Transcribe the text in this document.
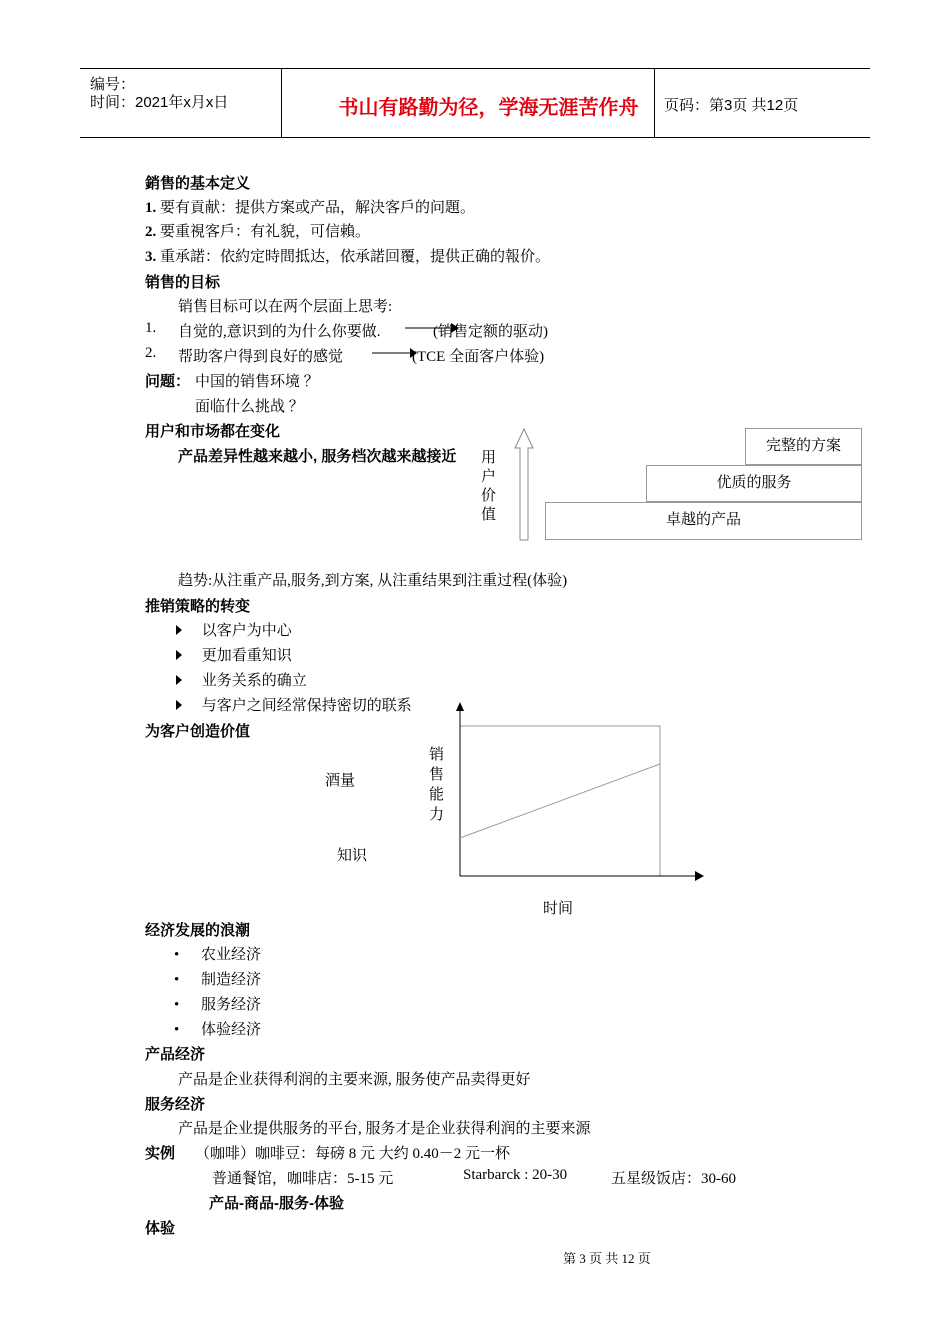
编号：
时间：2021年x月x日	书山有路勤为径，学海无涯苦作舟	页码：第3页 共12页
銷售的基本定义
1. 要有貢献：提供方案或产品，解決客戶的问題。
2. 要重視客戶：有礼貌，可信賴。
3. 重承諾：依約定時間抵达，依承諾回覆，提供正确的報价。
销售的目标
销售目标可以在两个层面上思考:
1. 自觉的,意识到的为什么你要做.	(销售定额的驱动)
2. 帮助客户得到良好的感觉	(TCE 全面客户体验)
问题： 中国的销售环境 ？
面临什么挑战 ？
用户和市场都在变化
产品差异性越来越小, 服务档次越来越接近	用
户
价
值
完整的方案
优质的服务
卓越的产品
趋势:从注重产品,服务,到方案, 从注重结果到注重过程(体验)
推销策略的转变
以客户为中心
更加看重知识
业务关系的确立
与客户之间经常保持密切的联系
为客户创造价值
酒量
知识
销
售
能
力
时间
经济发展的浪潮
• 农业经济
• 制造经济
• 服务经济
• 体验经济
产品经济
产品是企业获得利润的主要来源, 服务使产品卖得更好
服务经济
产品是企业提供服务的平台, 服务才是企业获得利润的主要来源
实例 （咖啡）咖啡豆：每磅 8 元 大约 0.40－2 元一杯
普通餐馆，咖啡店：5-15 元	Starbarck : 20-30	五星级饭店：30-60
产品-商品-服务-体验
体验
第 3 页 共 12 页
